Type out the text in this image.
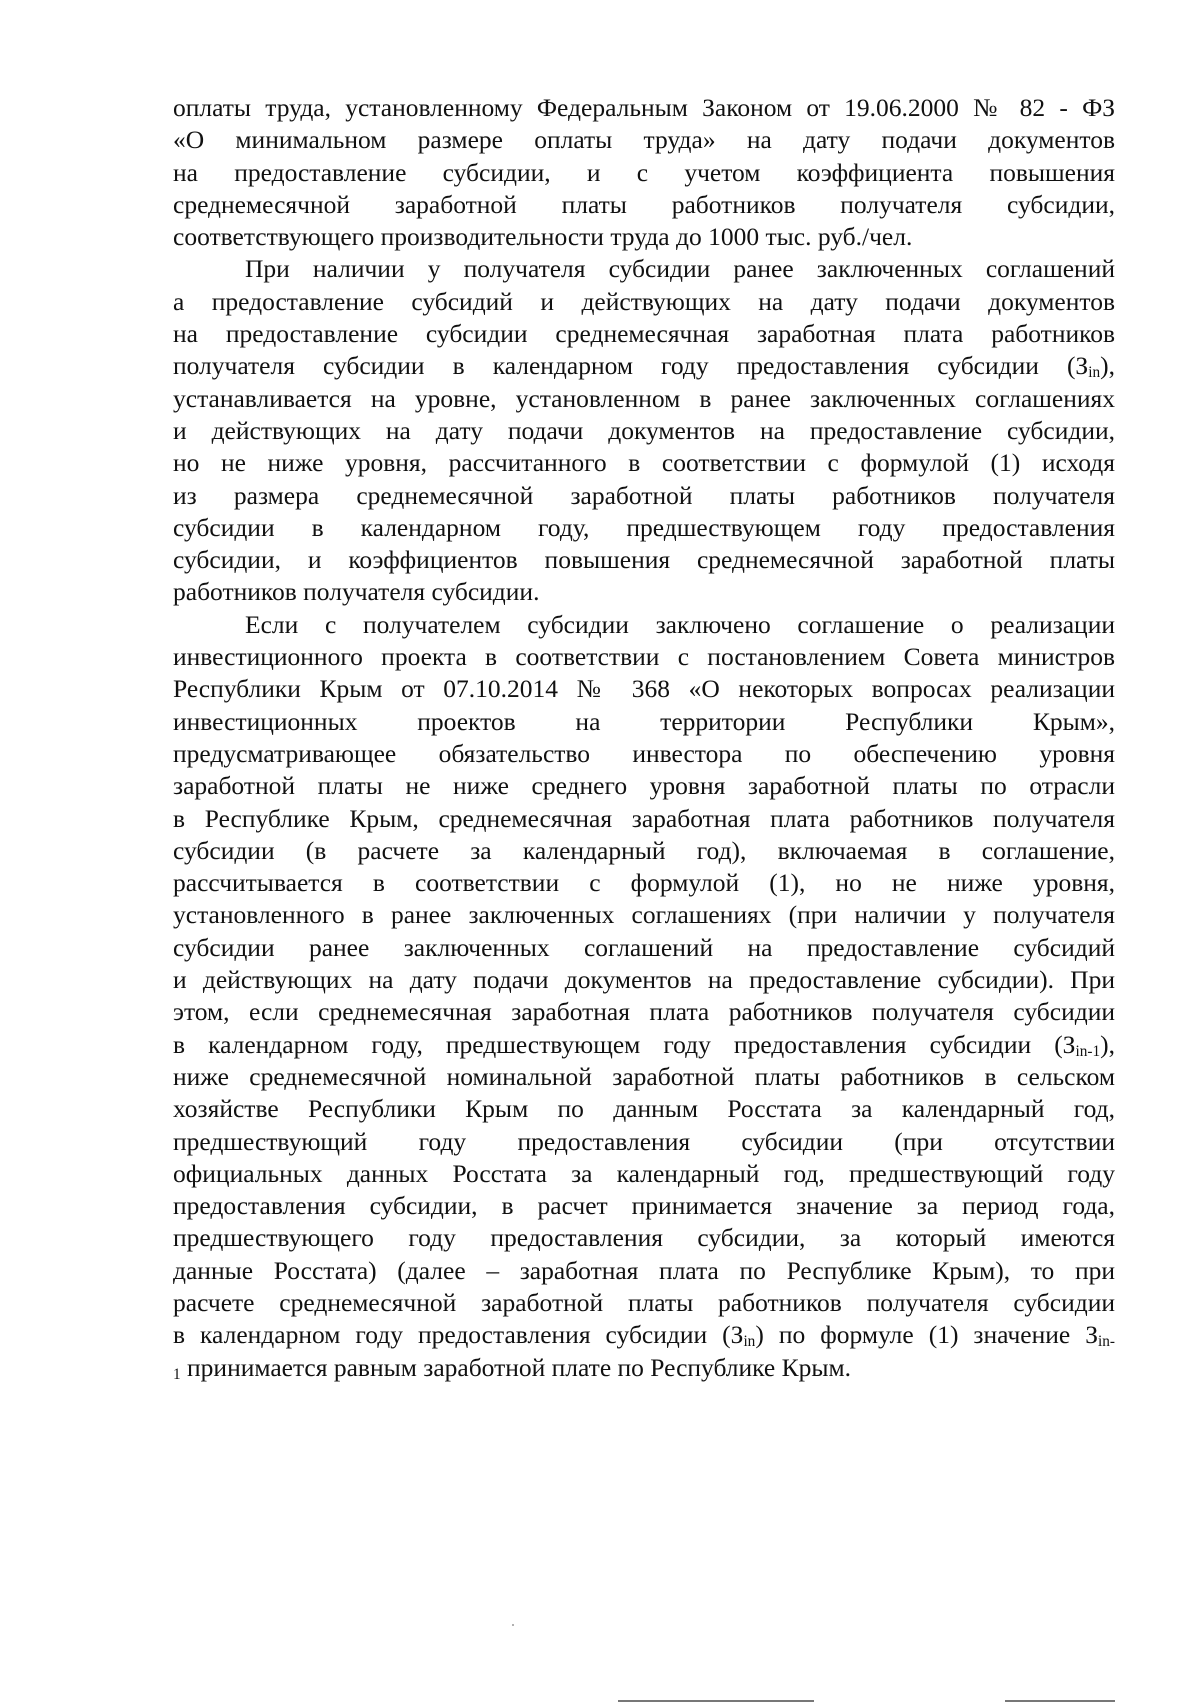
оплаты труда, установленному Федеральным Законом от 19.06.2000 № 82 - ФЗ
«О минимальном размере оплаты труда» на дату подачи документов
на предоставление субсидии, и с учетом коэффициента повышения
среднемесячной заработной платы работников получателя субсидии,
соответствующего производительности труда до 1000 тыс. руб./чел.

При наличии у получателя субсидии ранее заключенных соглашений
а предоставление субсидий и действующих на дату подачи документов
на предоставление субсидии среднемесячная заработная плата работников
получателя субсидии в календарном году предоставления субсидии $(З_{in})$,
устанавливается на уровне, установленном в ранее заключенных соглашениях
и действующих на дату подачи документов на предоставление субсидии,
но не ниже уровня, рассчитанного в соответствии с формулой (1) исходя
из размера среднемесячной заработной платы работников получателя
субсидии в календарном году, предшествующем году предоставления
субсидии, и коэффициентов повышения среднемесячной заработной платы
работников получателя субсидии.

Если с получателем субсидии заключено соглашение о реализации
инвестиционного проекта в соответствии с постановлением Совета министров
Республики Крым от 07.10.2014 № 368 «О некоторых вопросах реализации
инвестиционных проектов на территории Республики Крым»,
предусматривающее обязательство инвестора по обеспечению уровня
заработной платы не ниже среднего уровня заработной платы по отрасли
в Республике Крым, среднемесячная заработная плата работников получателя
субсидии (в расчете за календарный год), включаемая в соглашение,
рассчитывается в соответствии с формулой (1), но не ниже уровня,
установленного в ранее заключенных соглашениях (при наличии у получателя
субсидии ранее заключенных соглашений на предоставление субсидий
и действующих на дату подачи документов на предоставление субсидии). При
этом, если среднемесячная заработная плата работников получателя субсидии
в календарном году, предшествующем году предоставления субсидии $(З_{in-1})$,
ниже среднемесячной номинальной заработной платы работников в сельском
хозяйстве Республики Крым по данным Росстата за календарный год,
предшествующий году предоставления субсидии (при отсутствии
официальных данных Росстата за календарный год, предшествующий году
предоставления субсидии, в расчет принимается значение за период года,
предшествующего году предоставления субсидии, за который имеются
данные Росстата) (далее – заработная плата по Республике Крым), то при
расчете среднемесячной заработной платы работников получателя субсидии
в календарном году предоставления субсидии $(З_{in})$ по формуле (1) значение $З_{in-}$
$_1$ принимается равным заработной плате по Республике Крым.
